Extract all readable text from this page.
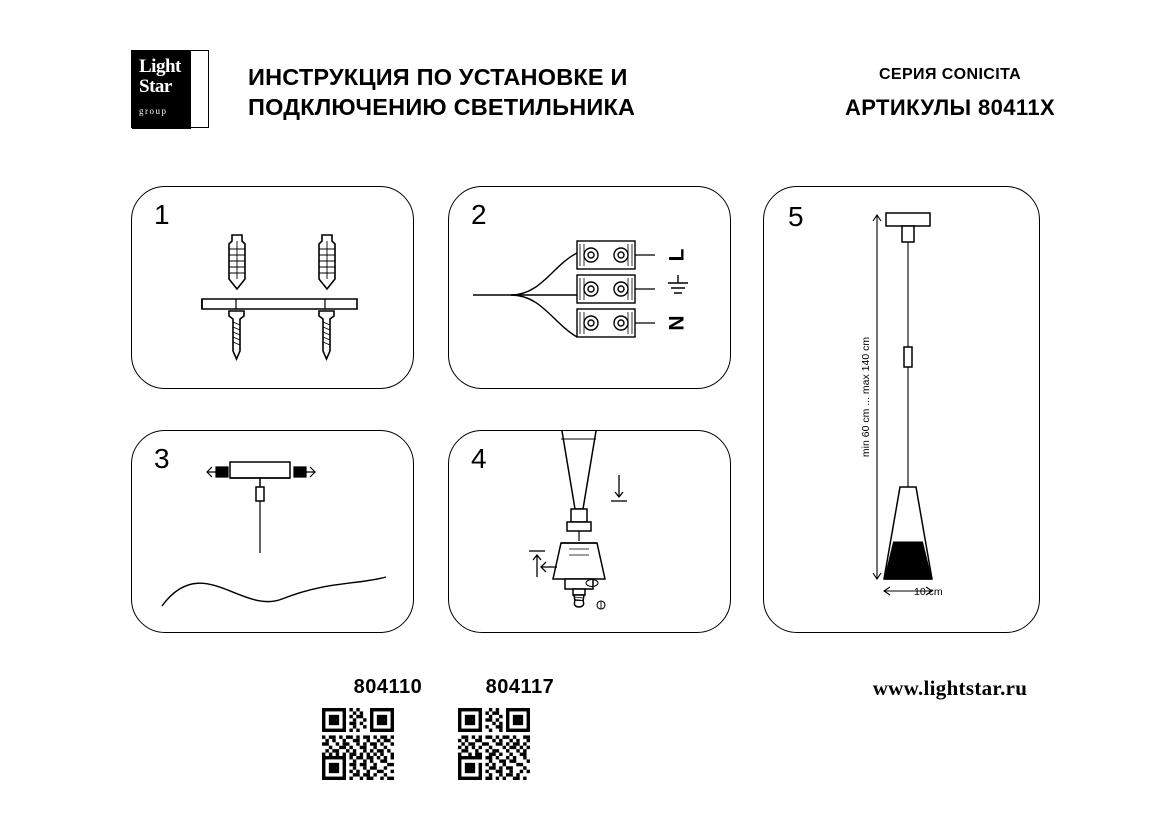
Light
Star
group
ИНСТРУКЦИЯ ПО УСТАНОВКЕ И ПОДКЛЮЧЕНИЮ СВЕТИЛЬНИКА
СЕРИЯ CONICITA
АРТИКУЛЫ 80411X
1	2
L
N
3	4
5
min 60 cm ... max 140 cm
10 cm
804110	804117	www.lightstar.ru
